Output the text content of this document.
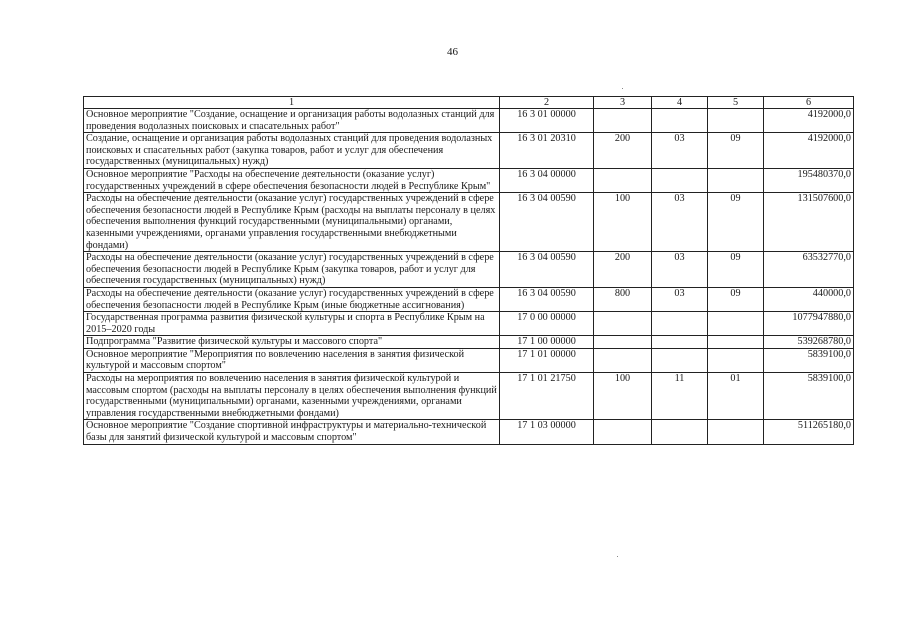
46
1	2	3	4	5	6
Основное мероприятие "Создание, оснащение и организация работы водолазных станций для проведения водолазных поисковых и спасательных работ"	16 3 01 00000				4192000,0
Создание, оснащение и организация работы водолазных станций для проведения водолазных поисковых и спасательных работ (закупка товаров, работ и услуг для обеспечения государственных (муниципальных) нужд)	16 3 01 20310	200	03	09	4192000,0
Основное мероприятие "Расходы на обеспечение деятельности (оказание услуг) государственных учреждений в сфере обеспечения безопасности людей в Республике Крым"	16 3 04 00000				195480370,0
Расходы на обеспечение деятельности (оказание услуг) государственных учреждений в сфере обеспечения безопасности людей в Республике Крым (расходы на выплаты персоналу в целях обеспечения выполнения функций государственными (муниципальными) органами, казенными учреждениями, органами управления государственными внебюджетными фондами)	16 3 04 00590	100	03	09	131507600,0
Расходы на обеспечение деятельности (оказание услуг) государственных учреждений в сфере обеспечения безопасности людей в Республике Крым (закупка товаров, работ и услуг для обеспечения государственных (муниципальных) нужд)	16 3 04 00590	200	03	09	63532770,0
Расходы на обеспечение деятельности (оказание услуг) государственных учреждений в сфере обеспечения безопасности людей в Республике Крым (иные бюджетные ассигнования)	16 3 04 00590	800	03	09	440000,0
Государственная программа развития физической культуры и спорта в Республике Крым на 2015–2020 годы	17 0 00 00000				1077947880,0
Подпрограмма "Развитие физической культуры и массового спорта"	17 1 00 00000				539268780,0
Основное мероприятие "Мероприятия по вовлечению населения в занятия физической культурой и массовым спортом"	17 1 01 00000				5839100,0
Расходы на мероприятия по вовлечению населения в занятия физической культурой и массовым спортом (расходы на выплаты персоналу в целях обеспечения выполнения функций государственными (муниципальными) органами, казенными учреждениями, органами управления государственными внебюджетными фондами)	17 1 01 21750	100	11	01	5839100,0
Основное мероприятие "Создание спортивной инфраструктуры и материально-технической базы для занятий физической культурой и массовым спортом"	17 1 03 00000				511265180,0
